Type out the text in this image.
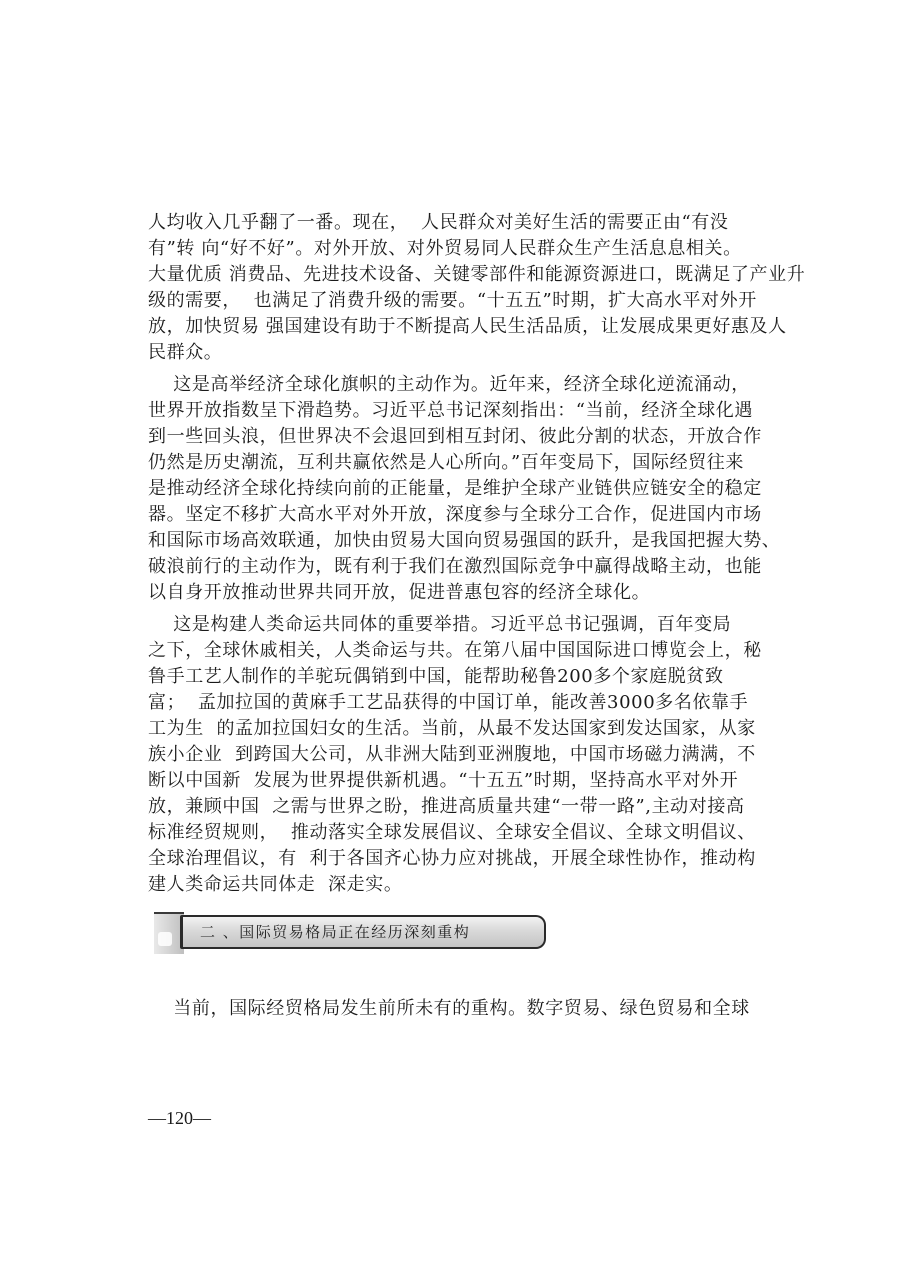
人均收入几乎翻了一番。现在，  人民群众对美好生活的需要正由“有没
有”转 向“好不好”。对外开放、对外贸易同人民群众生产生活息息相关。
大量优质 消费品、先进技术设备、关键零部件和能源资源进口，既满足了产业升
级的需要，  也满足了消费升级的需要。“十五五”时期，扩大高水平对外开
放，加快贸易 强国建设有助于不断提高人民生活品质，让发展成果更好惠及人
民群众。
这是高举经济全球化旗帜的主动作为。近年来，经济全球化逆流涌动，
世界开放指数呈下滑趋势。习近平总书记深刻指出：“当前，经济全球化遇
到一些回头浪，但世界决不会退回到相互封闭、彼此分割的状态，开放合作
仍然是历史潮流，互利共赢依然是人心所向。”百年变局下，国际经贸往来
是推动经济全球化持续向前的正能量，是维护全球产业链供应链安全的稳定
器。坚定不移扩大高水平对外开放，深度参与全球分工合作，促进国内市场
和国际市场高效联通，加快由贸易大国向贸易强国的跃升，是我国把握大势、
破浪前行的主动作为，既有利于我们在激烈国际竞争中赢得战略主动，也能
以自身开放推动世界共同开放，促进普惠包容的经济全球化。
这是构建人类命运共同体的重要举措。习近平总书记强调，百年变局
之下，全球休戚相关，人类命运与共。在第八届中国国际进口博览会上，秘
鲁手工艺人制作的羊驼玩偶销到中国，能帮助秘鲁200多个家庭脱贫致
富；  孟加拉国的黄麻手工艺品获得的中国订单，能改善3000多名依靠手
工为生  的孟加拉国妇女的生活。当前，从最不发达国家到发达国家，从家
族小企业  到跨国大公司，从非洲大陆到亚洲腹地，中国市场磁力满满，不
断以中国新  发展为世界提供新机遇。“十五五”时期，坚持高水平对外开
放，兼顾中国  之需与世界之盼，推进高质量共建“一带一路”,主动对接高
标准经贸规则，  推动落实全球发展倡议、全球安全倡议、全球文明倡议、
全球治理倡议，有  利于各国齐心协力应对挑战，开展全球性协作，推动构
建人类命运共同体走  深走实。
二 、国际贸易格局正在经历深刻重构
当前，国际经贸格局发生前所未有的重构。数字贸易、绿色贸易和全球
—120—
